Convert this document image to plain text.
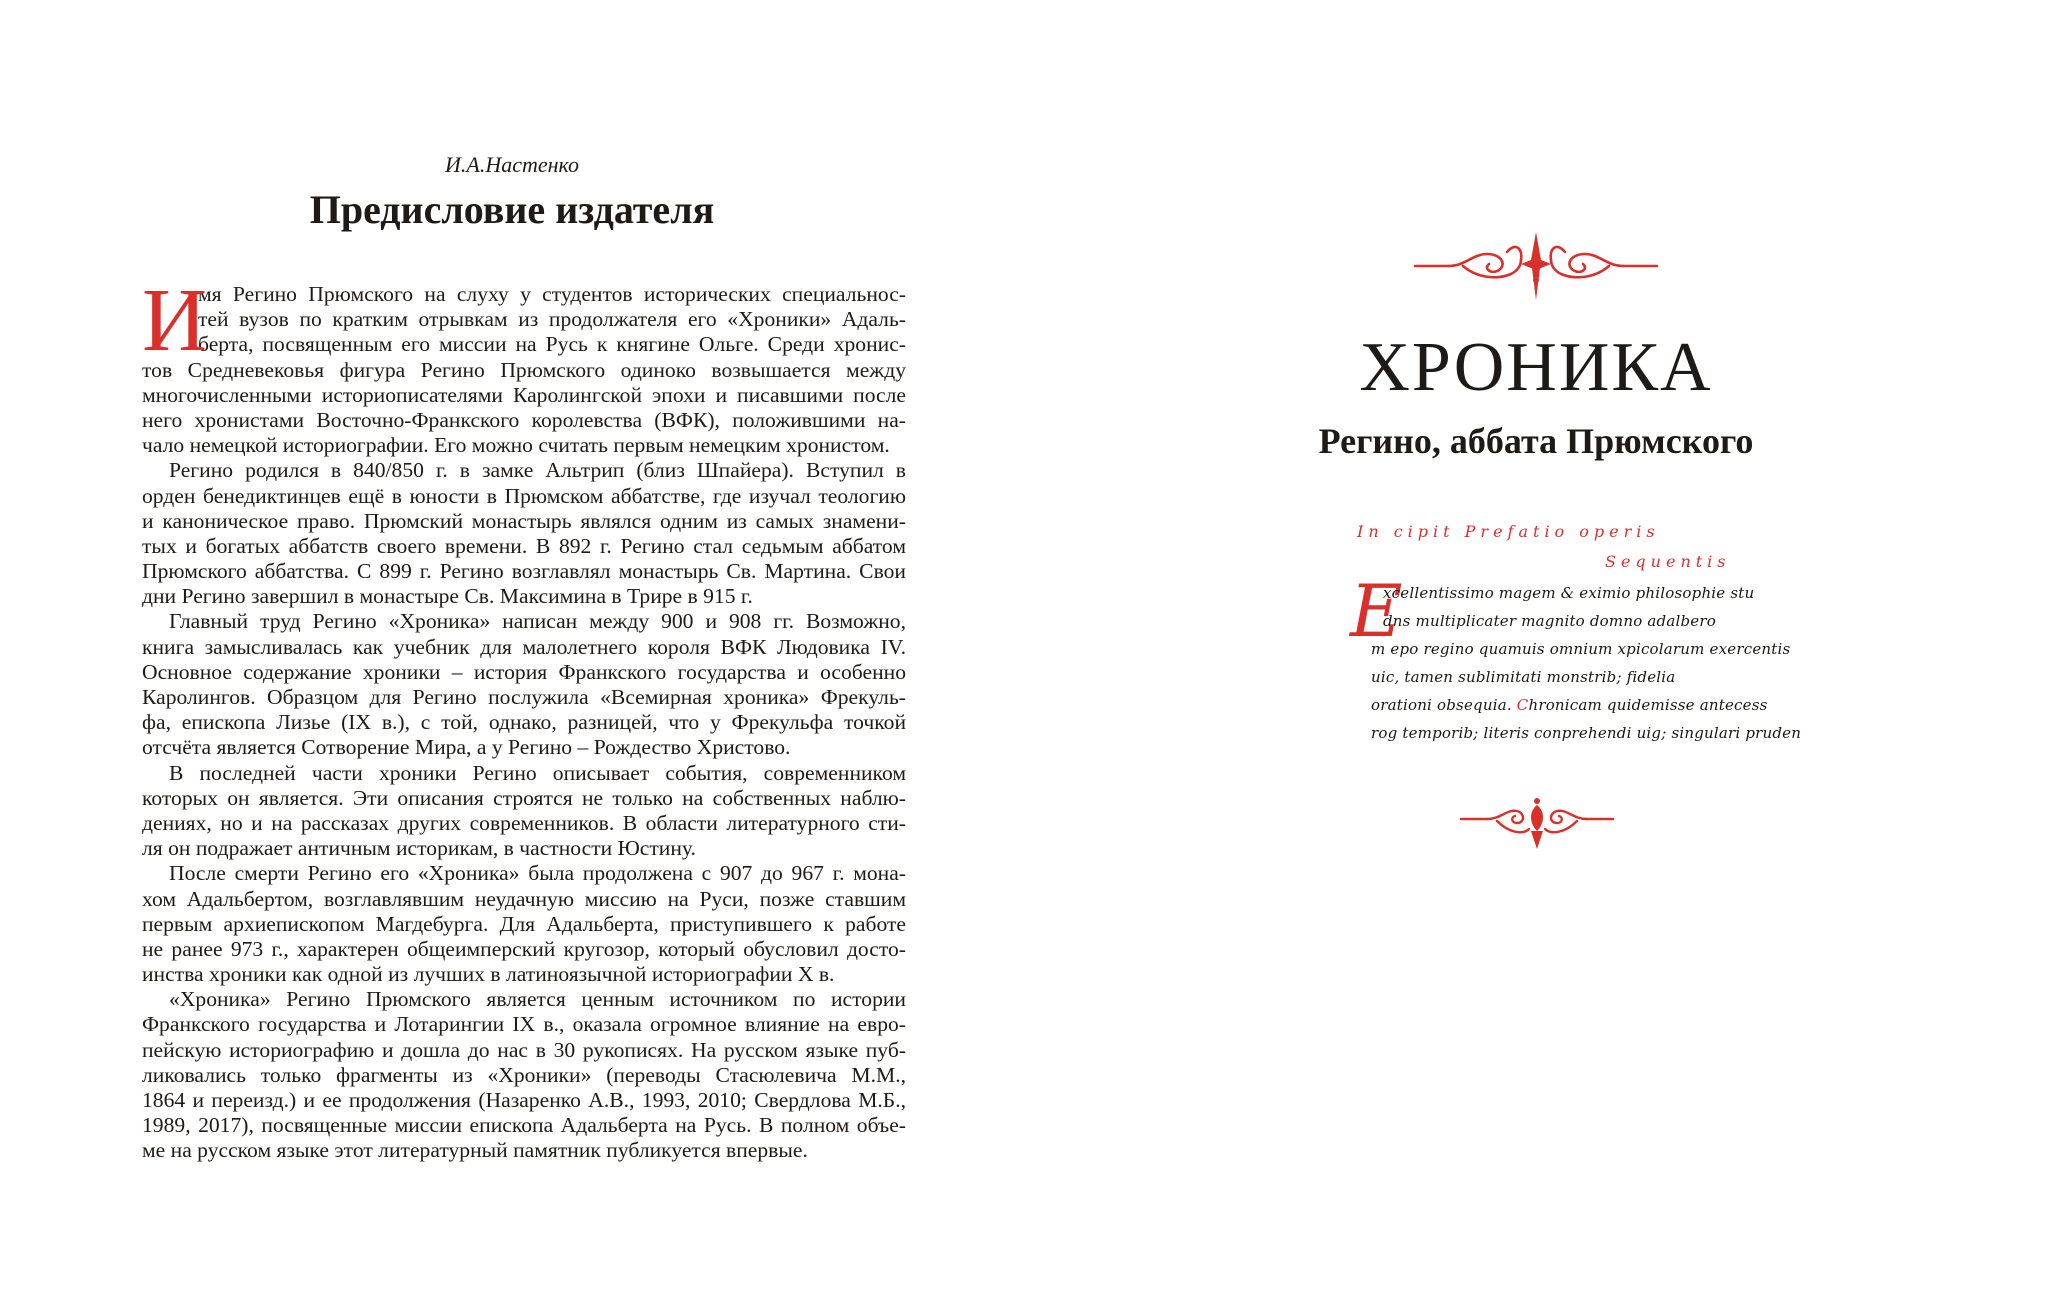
И.А.Настенко
Предисловие издателя
И
мя Регино Прюмского на слуху у студентов исторических специальнос-
тей вузов по кратким отрывкам из продолжателя его «Хроники» Адаль-
берта, посвященным его миссии на Русь к княгине Ольге. Среди хронис-
тов Средневековья фигура Регино Прюмского одиноко возвышается между
многочисленными историописателями Каролингской эпохи и писавшими после
него хронистами Восточно-Франкского королевства (ВФК), положившими на-
чало немецкой историографии. Его можно считать первым немецким хронистом.
Регино родился в 840/850 г. в замке Альтрип (близ Шпайера). Вступил в
орден бенедиктинцев ещё в юности в Прюмском аббатстве, где изучал теологию
и каноническое право. Прюмский монастырь являлся одним из самых знамени-
тых и богатых аббатств своего времени. В 892 г. Регино стал седьмым аббатом
Прюмского аббатства. С 899 г. Регино возглавлял монастырь Св. Мартина. Свои
дни Регино завершил в монастыре Св. Максимина в Трире в 915 г.
Главный труд Регино «Хроника» написан между 900 и 908 гг. Возможно,
книга замысливалась как учебник для малолетнего короля ВФК Людовика IV.
Основное содержание хроники – история Франкского государства и особенно
Каролингов. Образцом для Регино послужила «Всемирная хроника» Фрекуль-
фа, епископа Лизье (IX в.), с той, однако, разницей, что у Фрекульфа точкой
отсчёта является Сотворение Мира, а у Регино – Рождество Христово.
В последней части хроники Регино описывает события, современником
которых он является. Эти описания строятся не только на собственных наблю-
дениях, но и на рассказах других современников. В области литературного сти-
ля он подражает античным историкам, в частности Юстину.
После смерти Регино его «Хроника» была продолжена с 907 до 967 г. мона-
хом Адальбертом, возглавлявшим неудачную миссию на Руси, позже ставшим
первым архиепископом Магдебурга. Для Адальберта, приступившего к работе
не ранее 973 г., характерен общеимперский кругозор, который обусловил досто-
инства хроники как одной из лучших в латиноязычной историографии X в.
«Хроника» Регино Прюмского является ценным источником по истории
Франкского государства и Лотарингии IX в., оказала огромное влияние на евро-
пейскую историографию и дошла до нас в 30 рукописях. На русском языке пуб-
ликовались только фрагменты из «Хроники» (переводы Стасюлевича М.М.,
1864 и переизд.) и ее продолжения (Назаренко А.В., 1993, 2010; Свердлова М.Б.,
1989, 2017), посвященные миссии епископа Адальберта на Русь. В полном объе-
ме на русском языке этот литературный памятник публикуется впервые.
ХРОНИКА
Регино, аббата Прюмского
In cipit Prefatio operis
Sequentis
E
xcellentissimo magem & eximio philosophie stu
dns multiplicater magnito domno adalbero
m epo regino quamuis omnium xpicolarum exercentis
uic, tamen sublimitati monstrib; fidelia
orationi obsequia. Chronicam quidemisse antecess
rog temporib; literis conprehendi uig; singulari pruden
